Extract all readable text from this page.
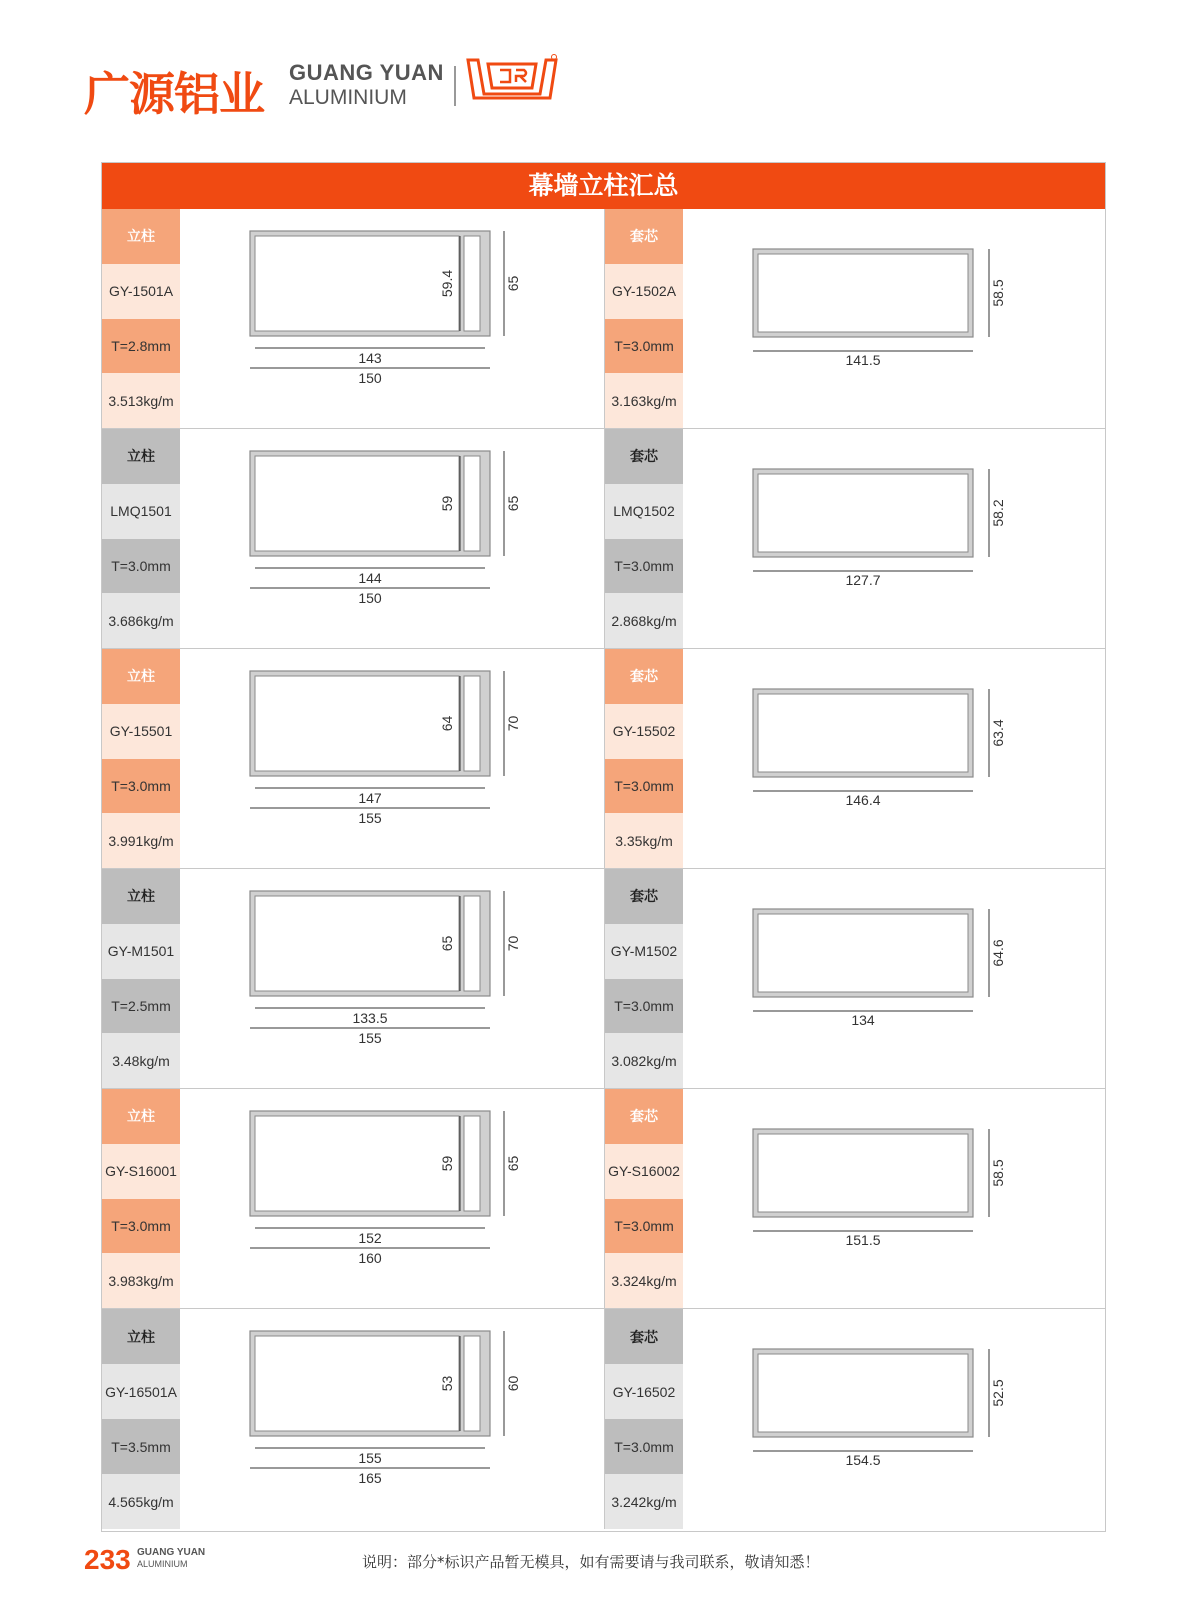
广源铝业 GUANG YUAN
ALUMINIUM
幕墙立柱汇总
立柱
GY-1501A
T=2.8mm
3.513kg/m
143
150
59.4	65
套芯
GY-1502A
T=3.0mm
3.163kg/m
141.5
58.5
立柱
LMQ1501
T=3.0mm
3.686kg/m
144
150
59	65
套芯
LMQ1502
T=3.0mm
2.868kg/m
127.7
58.2
立柱
GY-15501
T=3.0mm
3.991kg/m
147
155
64	70
套芯
GY-15502
T=3.0mm
3.35kg/m
146.4
63.4
立柱
GY-M1501
T=2.5mm
3.48kg/m
133.5
155
65	70
套芯
GY-M1502
T=3.0mm
3.082kg/m
134
64.6
立柱
GY-S16001
T=3.0mm
3.983kg/m
152
160
59	65
套芯
GY-S16002
T=3.0mm
3.324kg/m
151.5
58.5
立柱
GY-16501A
T=3.5mm
4.565kg/m
155
165
53	60
套芯
GY-16502
T=3.0mm
3.242kg/m
154.5
52.5
233 GUANG YUAN
ALUMINIUM	说明：部分*标识产品暂无模具，如有需要请与我司联系，敬请知悉！
